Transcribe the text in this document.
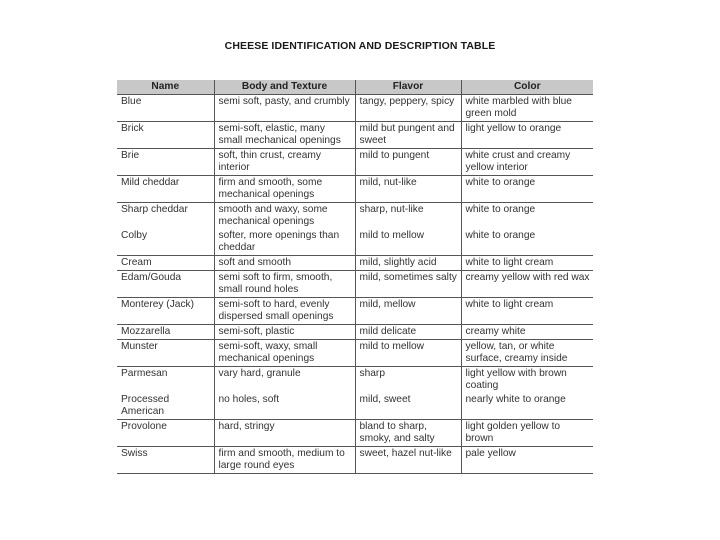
CHEESE IDENTIFICATION AND DESCRIPTION TABLE
Name	Body and Texture	Flavor	Color
Blue	semi soft, pasty, and crumbly	tangy, peppery, spicy	white marbled with blue green mold
Brick	semi-soft, elastic, many small mechanical openings	mild but pungent and sweet	light yellow to orange
Brie	soft, thin crust, creamy interior	mild to pungent	white crust and creamy yellow interior
Mild cheddar	firm and smooth, some mechanical openings	mild, nut-like	white to orange
Sharp cheddar	smooth and waxy, some mechanical openings	sharp, nut-like	white to orange
Colby	softer, more openings than cheddar	mild to mellow	white to orange
Cream	soft and smooth	mild, slightly acid	white to light cream
Edam/Gouda	semi soft to firm, smooth, small round holes	mild, sometimes salty	creamy yellow with red wax
Monterey (Jack)	semi-soft to hard, evenly dispersed small openings	mild, mellow	white to light cream
Mozzarella	semi-soft, plastic	mild delicate	creamy white
Munster	semi-soft, waxy, small mechanical openings	mild to mellow	yellow, tan, or white surface, creamy inside
Parmesan	vary hard, granule	sharp	light yellow with brown coating
Processed American	no holes, soft	mild, sweet	nearly white to orange
Provolone	hard, stringy	bland to sharp, smoky, and salty	light golden yellow to brown
Swiss	firm and smooth, medium to large round eyes	sweet, hazel nut-like	pale yellow
